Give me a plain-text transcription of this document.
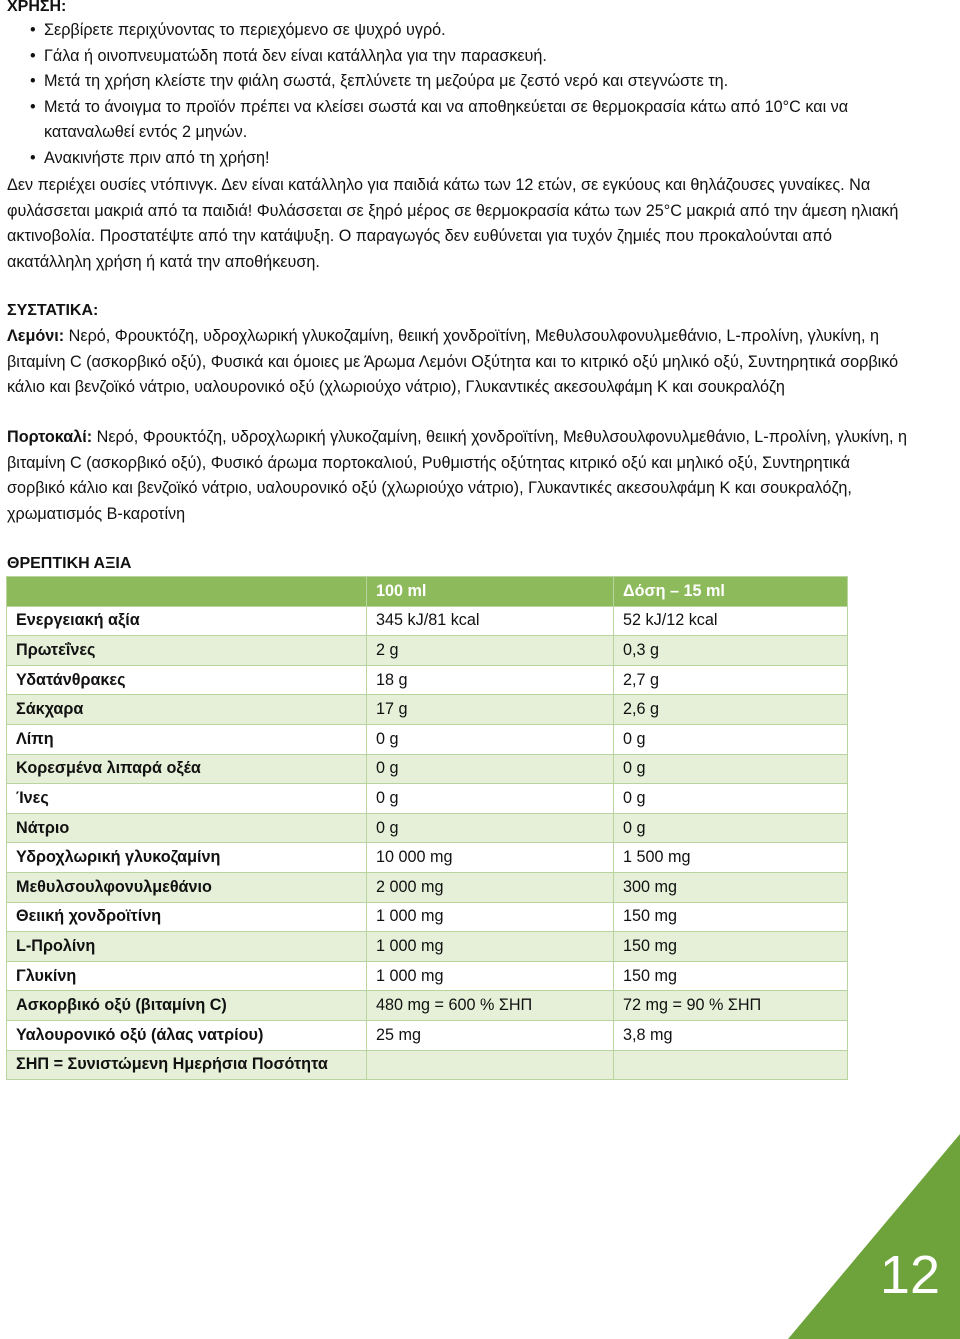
ΧΡΗΣΗ:
• Σερβίρετε περιχύνοντας το περιεχόμενο σε ψυχρό υγρό.
• Γάλα ή οινοπνευματώδη ποτά δεν είναι κατάλληλα για την παρασκευή.
• Μετά τη χρήση κλείστε την φιάλη σωστά, ξεπλύνετε τη μεζούρα με ζεστό νερό και στεγνώστε τη.
• Μετά το άνοιγμα το προϊόν πρέπει να κλείσει σωστά και να αποθηκεύεται σε θερμοκρασία κάτω από 10°C και να καταναλωθεί εντός 2 μηνών.
• Ανακινήστε πριν από τη χρήση!

Δεν περιέχει ουσίες ντόπινγκ. Δεν είναι κατάλληλο για παιδιά κάτω των 12 ετών, σε εγκύους και θηλάζουσες γυναίκες. Να φυλάσσεται μακριά από τα παιδιά! Φυλάσσεται σε ξηρό μέρος σε θερμοκρασία κάτω των 25°C μακριά από την άμεση ηλιακή ακτινοβολία. Προστατέψτε από την κατάψυξη. Ο παραγωγός δεν ευθύνεται για τυχόν ζημιές που προκαλούνται από ακατάλληλη χρήση ή κατά την αποθήκευση.

ΣΥΣΤΑΤΙΚΑ:

Λεμόνι: Νερό, Φρουκτόζη, υδροχλωρική γλυκοζαμίνη, θειική χονδροϊτίνη, Μεθυλσουλφονυλμεθάνιο, L-προλίνη, γλυκίνη, η βιταμίνη C (ασκορβικό οξύ), Φυσικά και όμοιες με Άρωμα Λεμόνι Οξύτητα και το κιτρικό οξύ μηλικό οξύ, Συντηρητικά σορβικό κάλιο και βενζοϊκό νάτριο, υαλουρονικό οξύ (χλωριούχο νάτριο), Γλυκαντικές ακεσουλφάμη Κ και σουκραλόζη

Πορτοκαλί: Νερό, Φρουκτόζη, υδροχλωρική γλυκοζαμίνη, θειική χονδροϊτίνη, Μεθυλσουλφονυλμεθάνιο, L-προλίνη, γλυκίνη, η βιταμίνη C (ασκορβικό οξύ), Φυσικό άρωμα πορτοκαλιού, Ρυθμιστής οξύτητας κιτρικό οξύ και μηλικό οξύ, Συντηρητικά σορβικό κάλιο και βενζοϊκό νάτριο, υαλουρονικό οξύ (χλωριούχο νάτριο), Γλυκαντικές ακεσουλφάμη Κ και σουκραλόζη, χρωματισμός Β-καροτίνη

ΘΡΕΠΤΙΚΗ ΑΞΙΑ
	100 ml	Δόση – 15 ml
Ενεργειακή αξία	345 kJ/81 kcal	52 kJ/12 kcal
Πρωτεΐνες	2 g	0,3 g
Υδατάνθρακες	18 g	2,7 g
Σάκχαρα	17 g	2,6 g
Λίπη	0 g	0 g
Κορεσμένα λιπαρά οξέα	0 g	0 g
Ίνες	0 g	0 g
Νάτριο	0 g	0 g
Υδροχλωρική γλυκοζαμίνη	10 000 mg	1 500 mg
Μεθυλσουλφονυλμεθάνιο	2 000 mg	300 mg
Θειική χονδροϊτίνη	1 000 mg	150 mg
L-Προλίνη	1 000 mg	150 mg
Γλυκίνη	1 000 mg	150 mg
Ασκορβικό οξύ (βιταμίνη C)	480 mg = 600 % ΣΗΠ	72 mg = 90 % ΣΗΠ
Υαλουρονικό οξύ (άλας νατρίου)	25 mg	3,8 mg
ΣΗΠ = Συνιστώμενη Ημερήσια Ποσότητα		
12
